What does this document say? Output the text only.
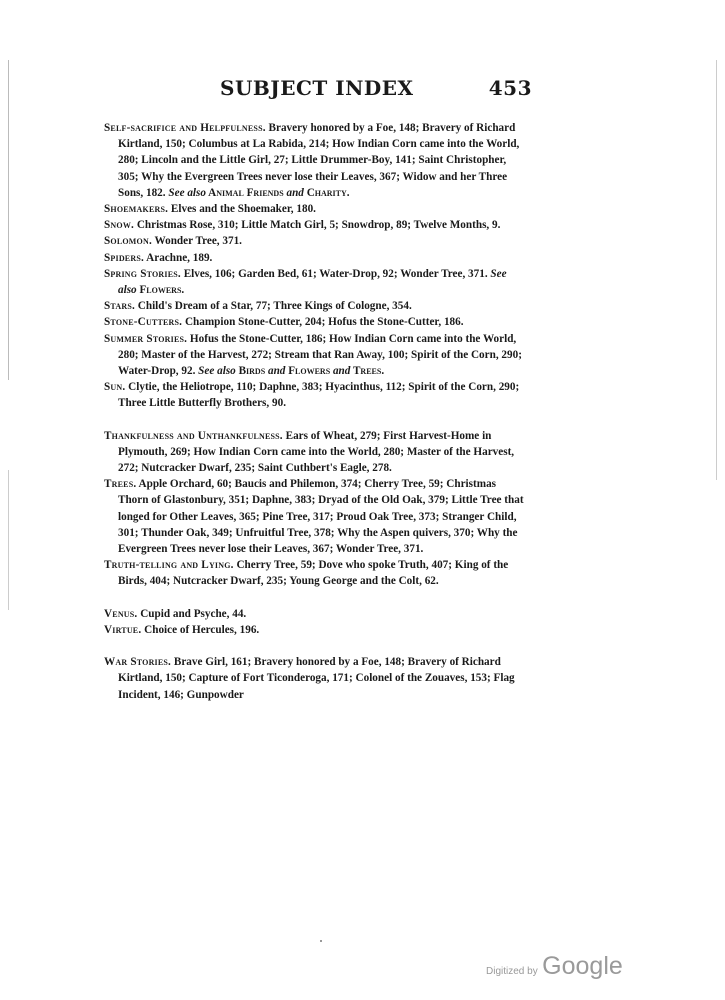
SUBJECT INDEX	453

Self-sacrifice and Helpfulness. Bravery honored by a Foe, 148; Bravery of Richard Kirtland, 150; Columbus at La Rabida, 214; How Indian Corn came into the World, 280; Lincoln and the Little Girl, 27; Little Drummer-Boy, 141; Saint Christopher, 305; Why the Evergreen Trees never lose their Leaves, 367; Widow and her Three Sons, 182. See also Animal Friends and Charity.

Shoemakers. Elves and the Shoemaker, 180.

Snow. Christmas Rose, 310; Little Match Girl, 5; Snowdrop, 89; Twelve Months, 9.

Solomon. Wonder Tree, 371.

Spiders. Arachne, 189.

Spring Stories. Elves, 106; Garden Bed, 61; Water-Drop, 92; Wonder Tree, 371. See also Flowers.

Stars. Child's Dream of a Star, 77; Three Kings of Cologne, 354.

Stone-Cutters. Champion Stone-Cutter, 204; Hofus the Stone-Cutter, 186.

Summer Stories. Hofus the Stone-Cutter, 186; How Indian Corn came into the World, 280; Master of the Harvest, 272; Stream that Ran Away, 100; Spirit of the Corn, 290; Water-Drop, 92. See also Birds and Flowers and Trees.

Sun. Clytie, the Heliotrope, 110; Daphne, 383; Hyacinthus, 112; Spirit of the Corn, 290; Three Little Butterfly Brothers, 90.

Thankfulness and Unthankfulness. Ears of Wheat, 279; First Harvest-Home in Plymouth, 269; How Indian Corn came into the World, 280; Master of the Harvest, 272; Nutcracker Dwarf, 235; Saint Cuthbert's Eagle, 278.

Trees. Apple Orchard, 60; Baucis and Philemon, 374; Cherry Tree, 59; Christmas Thorn of Glastonbury, 351; Daphne, 383; Dryad of the Old Oak, 379; Little Tree that longed for Other Leaves, 365; Pine Tree, 317; Proud Oak Tree, 373; Stranger Child, 301; Thunder Oak, 349; Unfruitful Tree, 378; Why the Aspen quivers, 370; Why the Evergreen Trees never lose their Leaves, 367; Wonder Tree, 371.

Truth-telling and Lying. Cherry Tree, 59; Dove who spoke Truth, 407; King of the Birds, 404; Nutcracker Dwarf, 235; Young George and the Colt, 62.

Venus. Cupid and Psyche, 44.

Virtue. Choice of Hercules, 196.

War Stories. Brave Girl, 161; Bravery honored by a Foe, 148; Bravery of Richard Kirtland, 150; Capture of Fort Ticonderoga, 171; Colonel of the Zouaves, 153; Flag Incident, 146; Gunpowder

Digitized by Google
